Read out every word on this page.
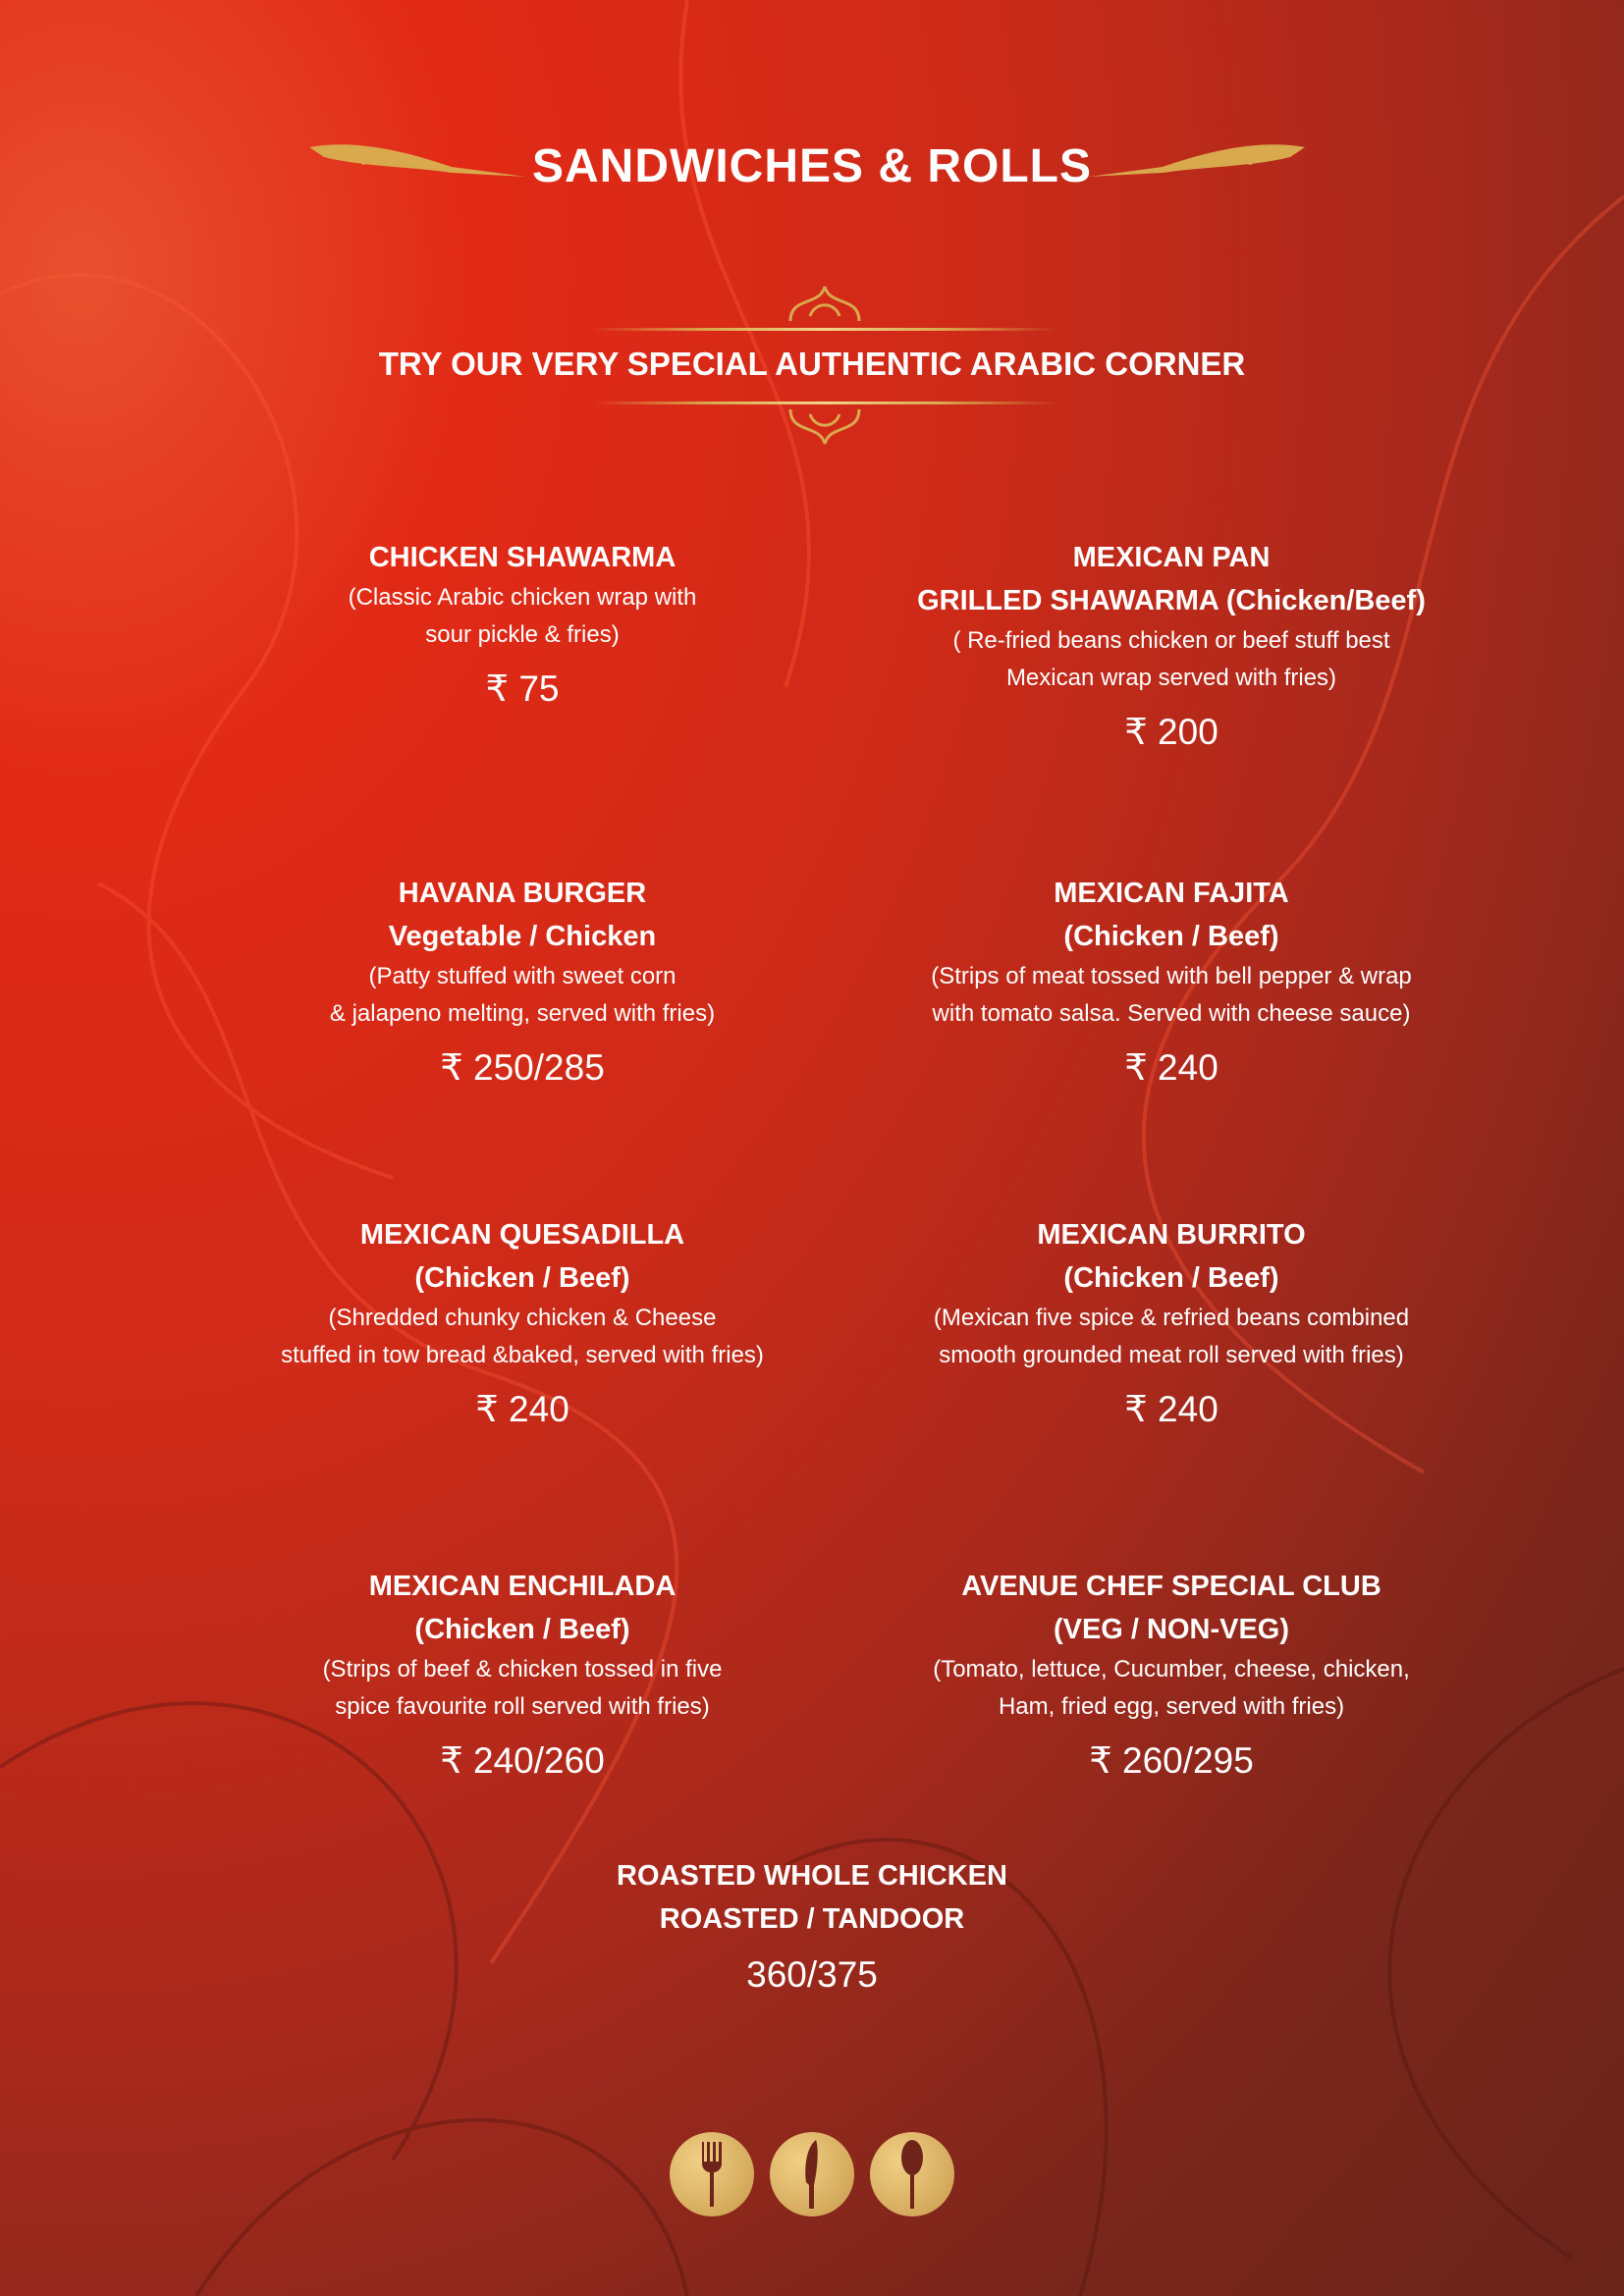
SANDWICHES & ROLLS
TRY OUR VERY SPECIAL AUTHENTIC ARABIC CORNER
CHICKEN SHAWARMA
(Classic Arabic chicken wrap with
sour pickle & fries)
₹ 75
MEXICAN PAN
GRILLED SHAWARMA (Chicken/Beef)
( Re-fried beans chicken or beef stuff best
Mexican wrap served with fries)
₹ 200
HAVANA BURGER
Vegetable / Chicken
(Patty stuffed with sweet corn
& jalapeno melting, served with fries)
₹ 250/285
MEXICAN FAJITA
(Chicken / Beef)
(Strips of meat tossed with bell pepper & wrap
with tomato salsa. Served with cheese sauce)
₹ 240
MEXICAN QUESADILLA
(Chicken / Beef)
(Shredded chunky chicken & Cheese
stuffed in tow bread &baked, served with fries)
₹ 240
MEXICAN BURRITO
(Chicken / Beef)
(Mexican five spice & refried beans combined
smooth grounded meat roll served with fries)
₹ 240
MEXICAN ENCHILADA
(Chicken / Beef)
(Strips of beef & chicken tossed in five
spice favourite roll served with fries)
₹ 240/260
AVENUE CHEF SPECIAL CLUB
(VEG / NON-VEG)
(Tomato, lettuce, Cucumber, cheese, chicken,
Ham, fried egg, served with fries)
₹ 260/295
ROASTED WHOLE CHICKEN
ROASTED / TANDOOR
360/375
